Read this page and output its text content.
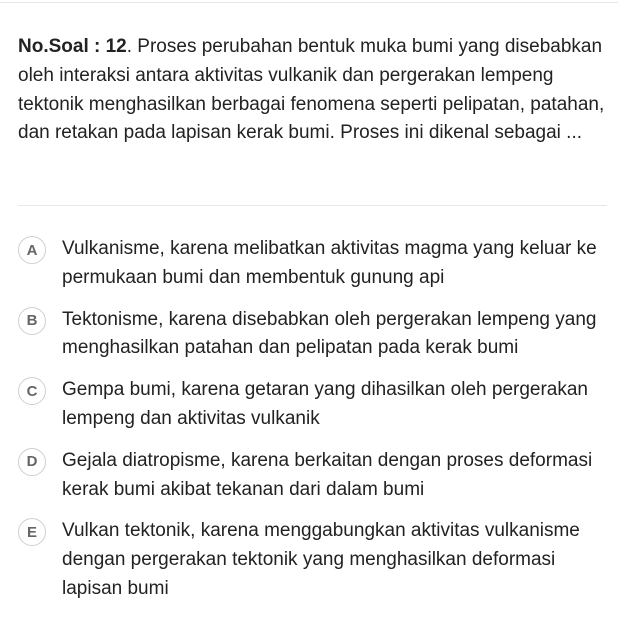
No.Soal : 12. Proses perubahan bentuk muka bumi yang disebabkan oleh interaksi antara aktivitas vulkanik dan pergerakan lempeng tektonik menghasilkan berbagai fenomena seperti pelipatan, patahan, dan retakan pada lapisan kerak bumi. Proses ini dikenal sebagai ...
A	Vulkanisme, karena melibatkan aktivitas magma yang keluar ke permukaan bumi dan membentuk gunung api
B	Tektonisme, karena disebabkan oleh pergerakan lempeng yang menghasilkan patahan dan pelipatan pada kerak bumi
C	Gempa bumi, karena getaran yang dihasilkan oleh pergerakan lempeng dan aktivitas vulkanik
D	Gejala diatropisme, karena berkaitan dengan proses deformasi kerak bumi akibat tekanan dari dalam bumi
E	Vulkan tektonik, karena menggabungkan aktivitas vulkanisme dengan pergerakan tektonik yang menghasilkan deformasi lapisan bumi
